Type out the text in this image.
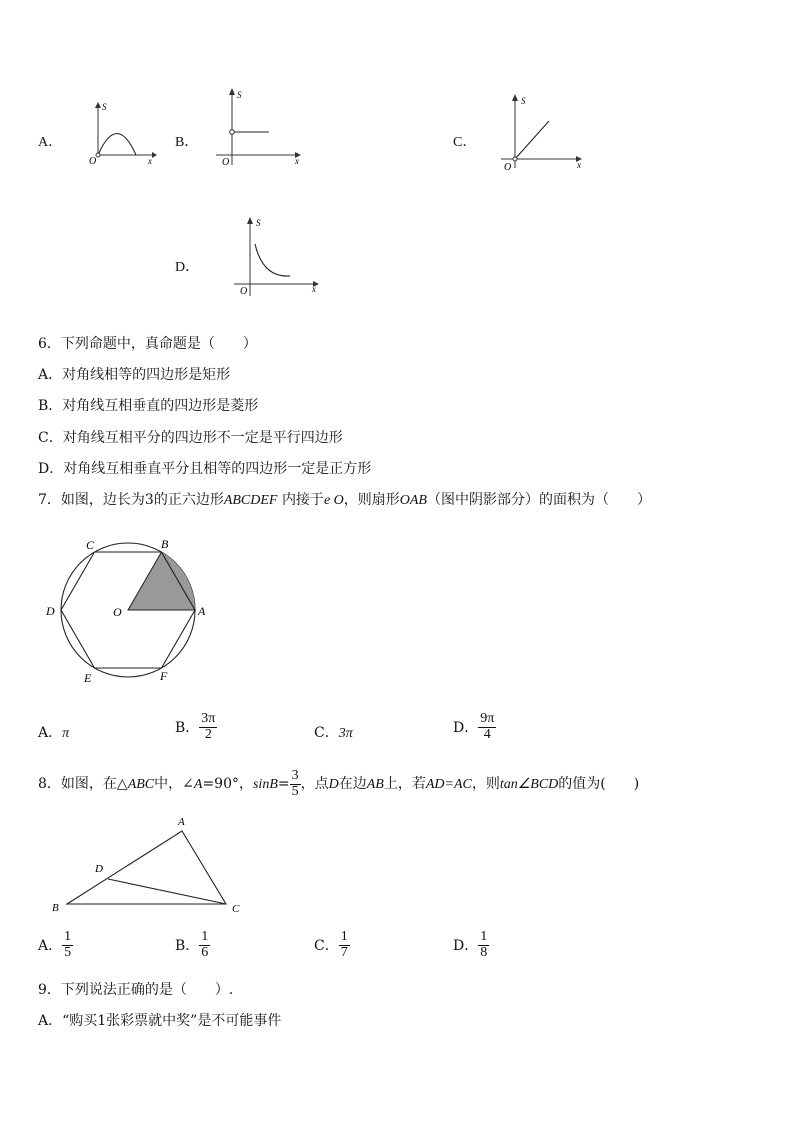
A．
S
x
O
B．
S
x
O
C．
S
x
O
D．
S
x
O
6．下列命题中，真命题是（　　）
A．对角线相等的四边形是矩形
B．对角线互相垂直的四边形是菱形
C．对角线互相平分的四边形不一定是平行四边形
D．对角线互相垂直平分且相等的四边形一定是正方形
7．如图，边长为3的正六边形ABCDEF 内接于e O，则扇形OAB（图中阴影部分）的面积为（　　）
A
B
C
D
E	F
O
A．π	B． $\frac{3\pi}{2}$	C．3π	D． $\frac{9\pi}{4}$
8．如图，在△ABC中，∠A=90°，$\sin B= \frac{3}{5}$ ，点D在边AB上，若AD=AC，则tan∠BCD的值为(　　)
A
B	C
D
A． $\frac{1}{5}$	B． $\frac{1}{6}$	C． $\frac{1}{7}$	D． $\frac{1}{8}$
9．下列说法正确的是（　　）.
A．“购买1张彩票就中奖”是不可能事件
